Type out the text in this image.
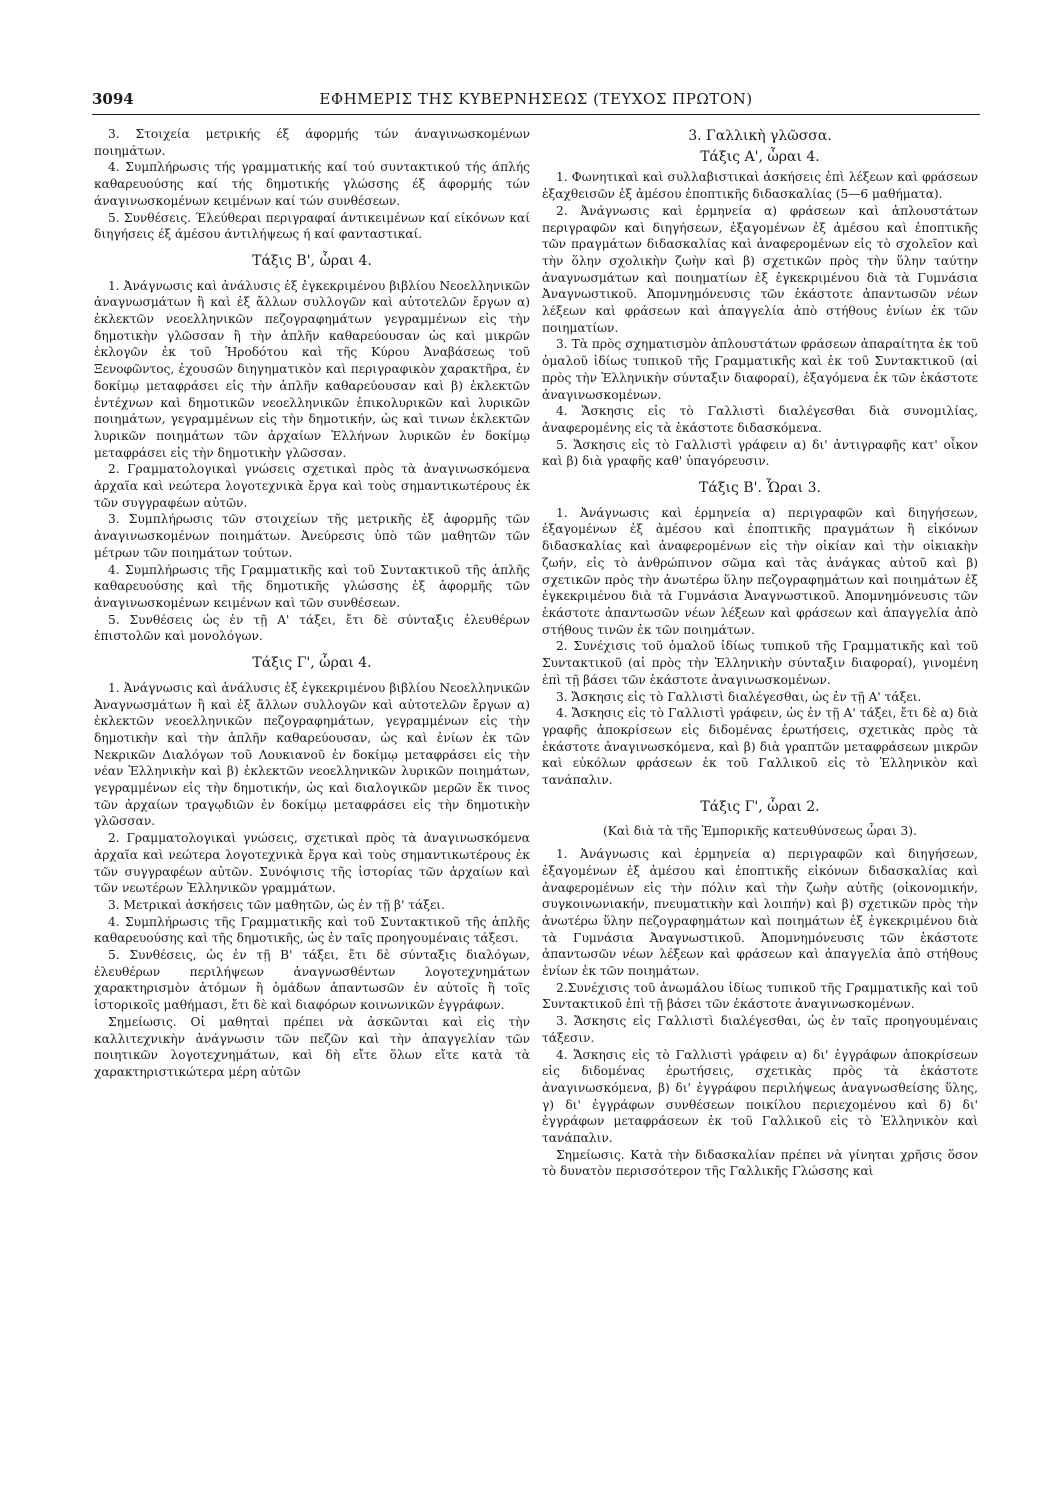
3094	ΕΦΗΜΕΡΙΣ ΤΗΣ ΚΥΒΕΡΝΗΣΕΩΣ (ΤΕΥΧΟΣ ΠΡΩΤΟΝ)

3. Στοιχεία μετρικής έξ άφορμής τών άναγινωσκομένων ποιημάτων.

4. Συμπλήρωσις τής γραμματικής καί τού συντακτικού τής άπλής καθαρευούσης καί τής δημοτικής γλώσσης έξ άφορμής τών άναγινωσκομένων κειμένων καί τών συνθέσεων.

5. Συνθέσεις. Έλεύθεραι περιγραφαί άντικειμένων καί είκόνων καί διηγήσεις έξ άμέσου άντιλήψεως ή καί φανταστικαί.

Τάξις Β', ὧραι 4.

1. Ἀνάγνωσις καὶ ἀνάλυσις ἐξ ἐγκεκριμένου βιβλίου Νεοελληνικῶν ἀναγνωσμάτων ἢ καὶ ἐξ ἄλλων συλλογῶν καὶ αὐτοτελῶν ἔργων α) ἐκλεκτῶν νεοελληνικῶν πεζογραφημάτων γεγραμμένων εἰς τὴν δημοτικὴν γλῶσσαν ἢ τὴν ἁπλῆν καθαρεύουσαν ὡς καὶ μικρῶν ἐκλογῶν ἐκ τοῦ Ἡροδότου καὶ τῆς Κύρου Ἀναβάσεως τοῦ Ξενοφῶντος, ἐχουσῶν διηγηματικὸν καὶ περιγραφικὸν χαρακτῆρα, ἐν δοκίμῳ μεταφράσει εἰς τὴν ἁπλῆν καθαρεύουσαν καὶ β) ἐκλεκτῶν ἐντέχνων καὶ δημοτικῶν νεοελληνικῶν ἐπικολυρικῶν καὶ λυρικῶν ποιημάτων, γεγραμμένων εἰς τὴν δημοτικήν, ὡς καὶ τινων ἐκλεκτῶν λυρικῶν ποιημάτων τῶν ἀρχαίων Ἑλλήνων λυρικῶν ἐν δοκίμῳ μεταφράσει εἰς τὴν δημοτικὴν γλῶσσαν.

2. Γραμματολογικαὶ γνώσεις σχετικαὶ πρὸς τὰ ἀναγινωσκόμενα ἀρχαῖα καὶ νεώτερα λογοτεχνικὰ ἔργα καὶ τοὺς σημαντικωτέρους ἐκ τῶν συγγραφέων αὐτῶν.

3. Συμπλήρωσις τῶν στοιχείων τῆς μετρικῆς ἐξ ἀφορμῆς τῶν ἀναγινωσκομένων ποιημάτων. Ἀνεύρεσις ὑπὸ τῶν μαθητῶν τῶν μέτρων τῶν ποιημάτων τούτων.

4. Συμπλήρωσις τῆς Γραμματικῆς καὶ τοῦ Συντακτικοῦ τῆς ἁπλῆς καθαρευούσης καὶ τῆς δημοτικῆς γλώσσης ἐξ ἀφορμῆς τῶν ἀναγινωσκομένων κειμένων καὶ τῶν συνθέσεων.

5. Συνθέσεις ὡς ἐν τῇ Α' τάξει, ἔτι δὲ σύνταξις ἐλευθέρων ἐπιστολῶν καὶ μονολόγων.

Τάξις Γ', ὧραι 4.

1. Ἀνάγνωσις καὶ ἀνάλυσις ἐξ ἐγκεκριμένου βιβλίου Νεοελληνικῶν Ἀναγνωσμάτων ἢ καὶ ἐξ ἄλλων συλλογῶν καὶ αὐτοτελῶν ἔργων α) ἐκλεκτῶν νεοελληνικῶν πεζογραφημάτων, γεγραμμένων εἰς τὴν δημοτικὴν καὶ τὴν ἁπλῆν καθαρεύουσαν, ὡς καὶ ἐνίων ἐκ τῶν Νεκρικῶν Διαλόγων τοῦ Λουκιανοῦ ἐν δοκίμῳ μεταφράσει εἰς τὴν νέαν Ἑλληνικὴν καὶ β) ἐκλεκτῶν νεοελληνικῶν λυρικῶν ποιημάτων, γεγραμμένων εἰς τὴν δημοτικήν, ὡς καὶ διαλογικῶν μερῶν ἔκ τινος τῶν ἀρχαίων τραγῳδιῶν ἐν δοκίμῳ μεταφράσει εἰς τὴν δημοτικὴν γλῶσσαν.

2. Γραμματολογικαὶ γνώσεις, σχετικαὶ πρὸς τὰ ἀναγινωσκόμενα ἀρχαῖα καὶ νεώτερα λογοτεχνικὰ ἔργα καὶ τοὺς σημαντικωτέρους ἐκ τῶν συγγραφέων αὐτῶν. Συνόψισις τῆς ἱστορίας τῶν ἀρχαίων καὶ τῶν νεωτέρων Ἑλληνικῶν γραμμάτων.

3. Μετρικαὶ ἀσκήσεις τῶν μαθητῶν, ὡς ἐν τῇ β' τάξει.

4. Συμπλήρωσις τῆς Γραμματικῆς καὶ τοῦ Συντακτικοῦ τῆς ἁπλῆς καθαρευούσης καὶ τῆς δημοτικῆς, ὡς ἐν ταῖς προηγουμέναις τάξεσι.

5. Συνθέσεις, ὡς ἐν τῇ Β' τάξει, ἔτι δὲ σύνταξις διαλόγων, ἐλευθέρων περιλήψεων ἀναγνωσθέντων λογοτεχνημάτων χαρακτηρισμὸν ἀτόμων ἢ ὁμάδων ἀπαντωσῶν ἐν αὐτοῖς ἢ τοῖς ἱστορικοῖς μαθήμασι, ἔτι δὲ καὶ διαφόρων κοινωνικῶν ἐγγράφων.

Σημείωσις. Οἱ μαθηταὶ πρέπει νὰ ἀσκῶνται καὶ εἰς τὴν καλλιτεχνικὴν ἀνάγνωσιν τῶν πεζῶν καὶ τὴν ἀπαγγελίαν τῶν ποιητικῶν λογοτεχνημάτων, καὶ δὴ εἴτε ὅλων εἴτε κατὰ τὰ χαρακτηριστικώτερα μέρη αὐτῶν

3. Γαλλικὴ γλῶσσα.

Τάξις Α', ὧραι 4.

1. Φωνητικαὶ καὶ συλλαβιστικαὶ ἀσκήσεις ἐπὶ λέξεων καὶ φράσεων ἐξαχθεισῶν ἐξ ἀμέσου ἐποπτικῆς διδασκαλίας (5—6 μαθήματα).

2. Ἀνάγνωσις καὶ ἑρμηνεία α) φράσεων καὶ ἁπλουστάτων περιγραφῶν καὶ διηγήσεων, ἐξαγομένων ἐξ ἀμέσου καὶ ἐποπτικῆς τῶν πραγμάτων διδασκαλίας καὶ ἀναφερομένων εἰς τὸ σχολεῖον καὶ τὴν ὅλην σχολικὴν ζωὴν καὶ β) σχετικῶν πρὸς τὴν ὕλην ταύτην ἀναγνωσμάτων καὶ ποιηματίων ἐξ ἐγκεκριμένου διὰ τὰ Γυμνάσια Ἀναγνωστικοῦ. Ἀπομνημόνευσις τῶν ἑκάστοτε ἀπαντωσῶν νέων λέξεων καὶ φράσεων καὶ ἀπαγγελία ἀπὸ στήθους ἐνίων ἐκ τῶν ποιηματίων.

3. Τὰ πρὸς σχηματισμὸν ἁπλουστάτων φράσεων ἀπαραίτητα ἐκ τοῦ ὁμαλοῦ ἰδίως τυπικοῦ τῆς Γραμματικῆς καὶ ἐκ τοῦ Συντακτικοῦ (αἱ πρὸς τὴν Ἑλληνικὴν σύνταξιν διαφοραί), ἐξαγόμενα ἐκ τῶν ἑκάστοτε ἀναγινωσκομένων.

4. Ἄσκησις εἰς τὸ Γαλλιστὶ διαλέγεσθαι διὰ συνομιλίας, ἀναφερομένης εἰς τὰ ἑκάστοτε διδασκόμενα.

5. Ἄσκησις εἰς τὸ Γαλλιστὶ γράφειν α) δι' ἀντιγραφῆς κατ' οἶκον καὶ β) διὰ γραφῆς καθ' ὑπαγόρευσιν.

Τάξις Β'. Ὧραι 3.

1. Ἀνάγνωσις καὶ ἑρμηνεία α) περιγραφῶν καὶ διηγήσεων, ἐξαγομένων ἐξ ἀμέσου καὶ ἐποπτικῆς πραγμάτων ἢ εἰκόνων διδασκαλίας καὶ ἀναφερομένων εἰς τὴν οἰκίαν καὶ τὴν οἰκιακὴν ζωήν, εἰς τὸ ἀνθρώπινον σῶμα καὶ τὰς ἀνάγκας αὐτοῦ καὶ β) σχετικῶν πρὸς τὴν ἀνωτέρω ὕλην πεζογραφημάτων καὶ ποιημάτων ἐξ ἐγκεκριμένου διὰ τὰ Γυμνάσια Ἀναγνωστικοῦ. Ἀπομνημόνευσις τῶν ἑκάστοτε ἀπαντωσῶν νέων λέξεων καὶ φράσεων καὶ ἀπαγγελία ἀπὸ στήθους τινῶν ἐκ τῶν ποιημάτων.

2. Συνέχισις τοῦ ὁμαλοῦ ἰδίως τυπικοῦ τῆς Γραμματικῆς καὶ τοῦ Συντακτικοῦ (αἱ πρὸς τὴν Ἑλληνικὴν σύνταξιν διαφοραί), γινομένη ἐπὶ τῇ βάσει τῶν ἑκάστοτε ἀναγινωσκομένων.

3. Ἄσκησις εἰς τὸ Γαλλιστὶ διαλέγεσθαι, ὡς ἐν τῇ Α' τάξει.

4. Ἄσκησις εἰς τὸ Γαλλιστὶ γράφειν, ὡς ἐν τῇ Α' τάξει, ἔτι δὲ α) διὰ γραφῆς ἀποκρίσεων εἰς διδομένας ἐρωτήσεις, σχετικὰς πρὸς τὰ ἑκάστοτε ἀναγινωσκόμενα, καὶ β) διὰ γραπτῶν μεταφράσεων μικρῶν καὶ εὐκόλων φράσεων ἐκ τοῦ Γαλλικοῦ εἰς τὸ Ἑλληνικὸν καὶ τανάπαλιν.

Τάξις Γ', ὧραι 2.

(Καὶ διὰ τὰ τῆς Ἐμπορικῆς κατευθύνσεως ὧραι 3).

1. Ἀνάγνωσις καὶ ἑρμηνεία α) περιγραφῶν καὶ διηγήσεων, ἐξαγομένων ἐξ ἀμέσου καὶ ἐποπτικῆς εἰκόνων διδασκαλίας καὶ ἀναφερομένων εἰς τὴν πόλιν καὶ τὴν ζωὴν αὐτῆς (οἰκονομικήν, συγκοινωνιακήν, πνευματικὴν καὶ λοιπήν) καὶ β) σχετικῶν πρὸς τὴν ἀνωτέρω ὕλην πεζογραφημάτων καὶ ποιημάτων ἐξ ἐγκεκριμένου διὰ τὰ Γυμνάσια Ἀναγνωστικοῦ. Ἀπομνημόνευσις τῶν ἑκάστοτε ἀπαντωσῶν νέων λέξεων καὶ φράσεων καὶ ἀπαγγελία ἀπὸ στήθους ἐνίων ἐκ τῶν ποιημάτων.

2.Συνέχισις τοῦ ἀνωμάλου ἰδίως τυπικοῦ τῆς Γραμματικῆς καὶ τοῦ Συντακτικοῦ ἐπὶ τῇ βάσει τῶν ἑκάστοτε ἀναγινωσκομένων.

3. Ἄσκησις εἰς Γαλλιστὶ διαλέγεσθαι, ὡς ἐν ταῖς προηγουμέναις τάξεσιν.

4. Ἄσκησις εἰς τὸ Γαλλιστὶ γράφειν α) δι' ἐγγράφων ἀποκρίσεων εἰς διδομένας ἐρωτήσεις, σχετικὰς πρὸς τὰ ἑκάστοτε ἀναγινωσκόμενα, β) δι' ἐγγράφου περιλήψεως ἀναγνωσθείσης ὕλης, γ) δι' ἐγγράφων συνθέσεων ποικίλου περιεχομένου καὶ δ) δι' ἐγγράφων μεταφράσεων ἐκ τοῦ Γαλλικοῦ εἰς τὸ Ἑλληνικὸν καὶ τανάπαλιν.

Σημείωσις. Κατὰ τὴν διδασκαλίαν πρέπει νὰ γίνηται χρῆσις ὅσον τὸ δυνατὸν περισσότερον τῆς Γαλλικῆς Γλώσσης καὶ
